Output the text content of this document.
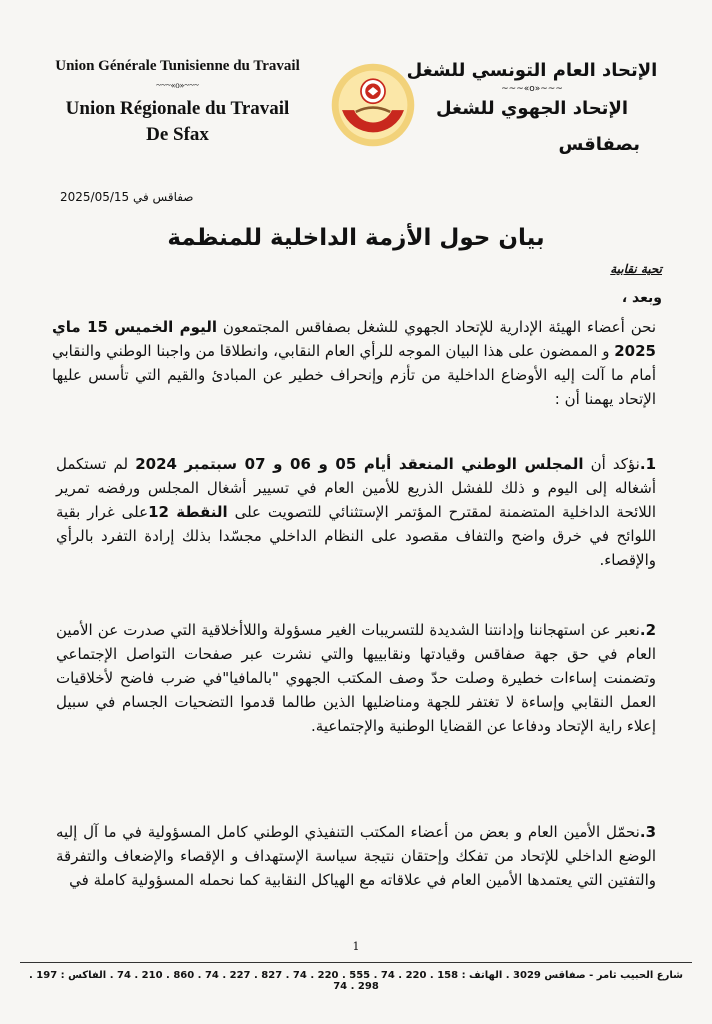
Union Générale Tunisienne du Travail
~~~«o»~~~
Union Régionale du Travail
De Sfax
الإتحاد العام التونسي للشغل
~~~«o»~~~
الإتحاد الجهوي للشغل
بصفاقس
صفاقس في 2025/05/15
بيان حول الأزمة الداخلية للمنظمة
تحية نقابية
وبعد ،
نحن أعضاء الهيئة الإدارية للإتحاد الجهوي للشغل بصفاقس المجتمعون اليوم الخميس 15 ماي 2025 و الممضون على هذا البيان الموجه للرأي العام النقابي، وانطلاقا من واجبنا الوطني والنقابي أمام ما آلت إليه الأوضاع الداخلية من تأزم وإنحراف خطير عن المبادئ والقيم التي تأسس عليها الإتحاد يهمنا أن :
1.نؤكد أن المجلس الوطني المنعقد أيام 05 و 06 و 07 سبتمبر 2024 لم تستكمل أشغاله إلى اليوم و ذلك للفشل الذريع للأمين العام في تسيير أشغال المجلس ورفضه تمرير اللائحة الداخلية المتضمنة لمقترح المؤتمر الإستثنائي للتصويت على النقطة 12على غرار بقية اللوائح في خرق واضح والتفاف مقصود على النظام الداخلي مجسّدا بذلك إرادة التفرد بالرأي والإقصاء.
2.نعبر عن استهجاننا وإدانتنا الشديدة للتسريبات الغير مسؤولة واللاأخلاقية التي صدرت عن الأمين العام في حق جهة صفاقس وقيادتها ونقابييها والتي نشرت عبر صفحات التواصل الإجتماعي وتضمنت إساءات خطيرة وصلت حدّ وصف المكتب الجهوي "بالمافيا"في ضرب فاضح لأخلاقيات العمل النقابي وإساءة لا تغتفر للجهة ومناضليها الذين طالما قدموا التضحيات الجسام في سبيل إعلاء راية الإتحاد ودفاعا عن القضايا الوطنية والإجتماعية.
3.نحمّل الأمين العام و بعض من أعضاء المكتب التنفيذي الوطني كامل المسؤولية في ما آل إليه الوضع الداخلي للإتحاد من تفكك وإحتقان نتيجة سياسة الإستهداف و الإقصاء والإضعاف والتفرقة والتفتين التي يعتمدها الأمين العام في علاقاته مع الهياكل النقابية كما نحمله المسؤولية كاملة في
1
شارع الحبيب ثامر - صفاقس 3029 . الهاتف : 158 . 220 . 74 . 555 . 220 . 74 . 827 . 227 . 74 . 860 . 210 . 74 . الفاكس : 197 . 298 . 74
